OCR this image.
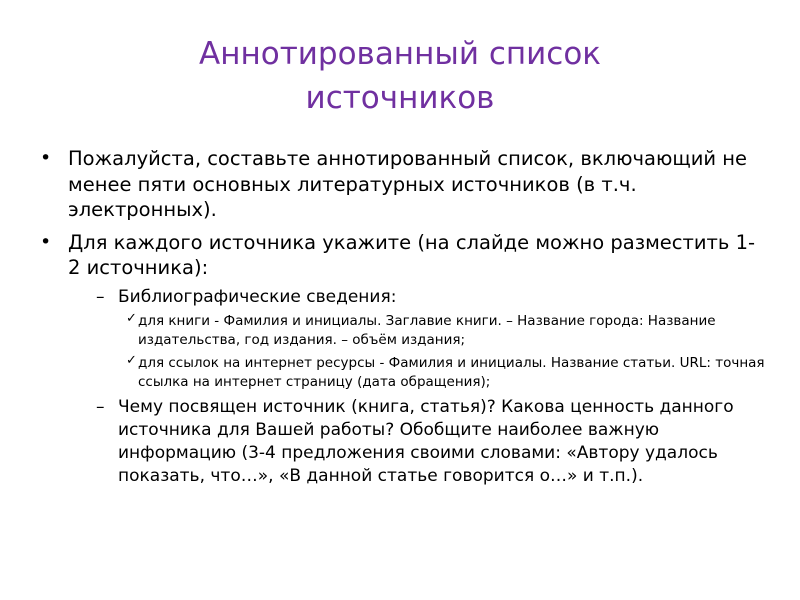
Аннотированный список источников
• Пожалуйста, составьте аннотированный список, включающий не менее пяти основных литературных источников (в т.ч. электронных).
• Для каждого источника укажите (на слайде можно разместить 1-2 источника):
– Библиографические сведения:
✓ для книги - Фамилия и инициалы. Заглавие книги. – Название города: Название издательства, год издания. – объём издания;
✓ для ссылок на интернет ресурсы - Фамилия и инициалы. Название статьи. URL: точная ссылка на интернет страницу (дата обращения);
– Чему посвящен источник (книга, статья)? Какова ценность данного источника для Вашей работы? Обобщите наиболее важную информацию (3-4 предложения своими словами: «Автору удалось показать, что…», «В данной статье говорится о…» и т.п.).
